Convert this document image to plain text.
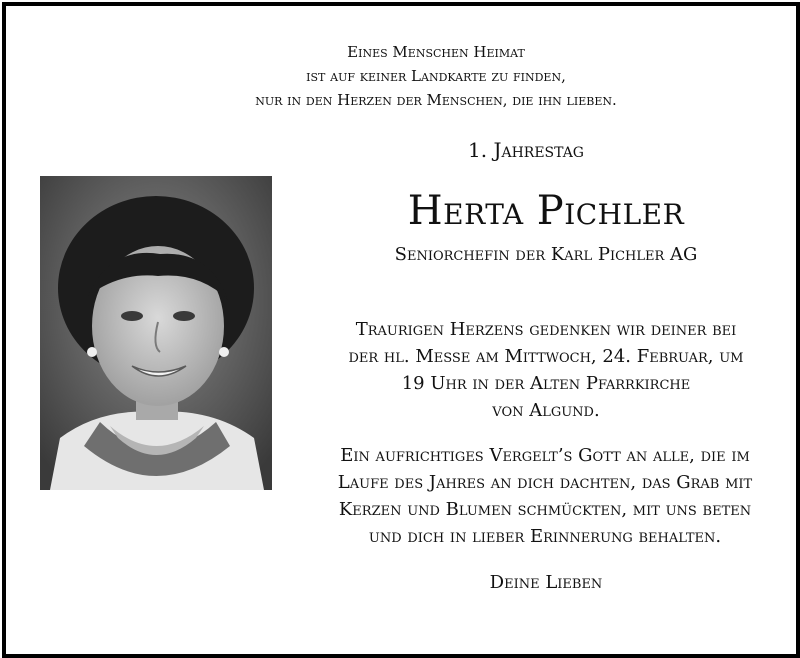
Eines Menschen Heimat
ist auf keiner Landkarte zu finden,
nur in den Herzen der Menschen, die ihn lieben.
1. Jahrestag
Herta Pichler
Seniorchefin der Karl Pichler AG
Traurigen Herzens gedenken wir deiner bei
der hl. Messe am Mittwoch, 24. Februar, um
19 Uhr in der Alten Pfarrkirche
von Algund.
Ein aufrichtiges Vergelt’s Gott an alle, die im
Laufe des Jahres an dich dachten, das Grab mit
Kerzen und Blumen schmückten, mit uns beten
und dich in lieber Erinnerung behalten.
Deine Lieben
